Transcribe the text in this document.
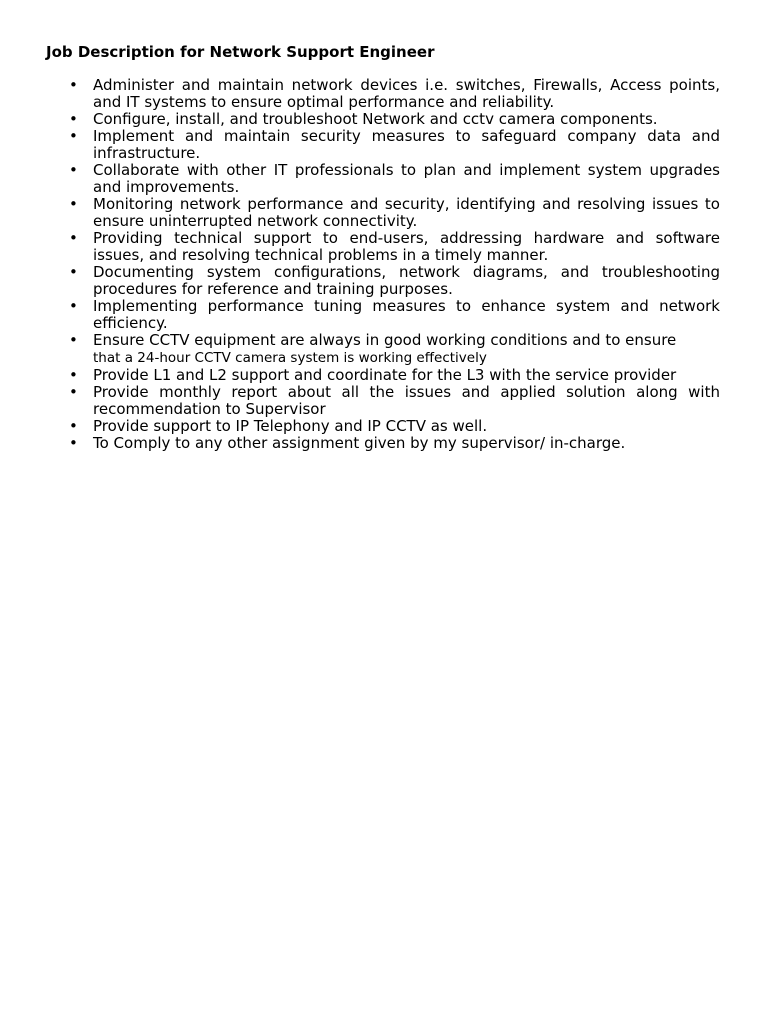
Job Description for Network Support Engineer
• Administer and maintain network devices i.e. switches, Firewalls, Access points, and IT systems to ensure optimal performance and reliability.
• Configure, install, and troubleshoot Network and cctv camera components.
• Implement and maintain security measures to safeguard company data and infrastructure.
• Collaborate with other IT professionals to plan and implement system upgrades and improvements.
• Monitoring network performance and security, identifying and resolving issues to ensure uninterrupted network connectivity.
• Providing technical support to end-users, addressing hardware and software issues, and resolving technical problems in a timely manner.
• Documenting system configurations, network diagrams, and troubleshooting procedures for reference and training purposes.
• Implementing performance tuning measures to enhance system and network efficiency.
• Ensure CCTV equipment are always in good working conditions and to ensure
that a 24-hour CCTV camera system is working effectively
• Provide L1 and L2 support and coordinate for the L3 with the service provider
• Provide monthly report about all the issues and applied solution along with recommendation to Supervisor
• Provide support to IP Telephony and IP CCTV as well.
• To Comply to any other assignment given by my supervisor/ in-charge.
